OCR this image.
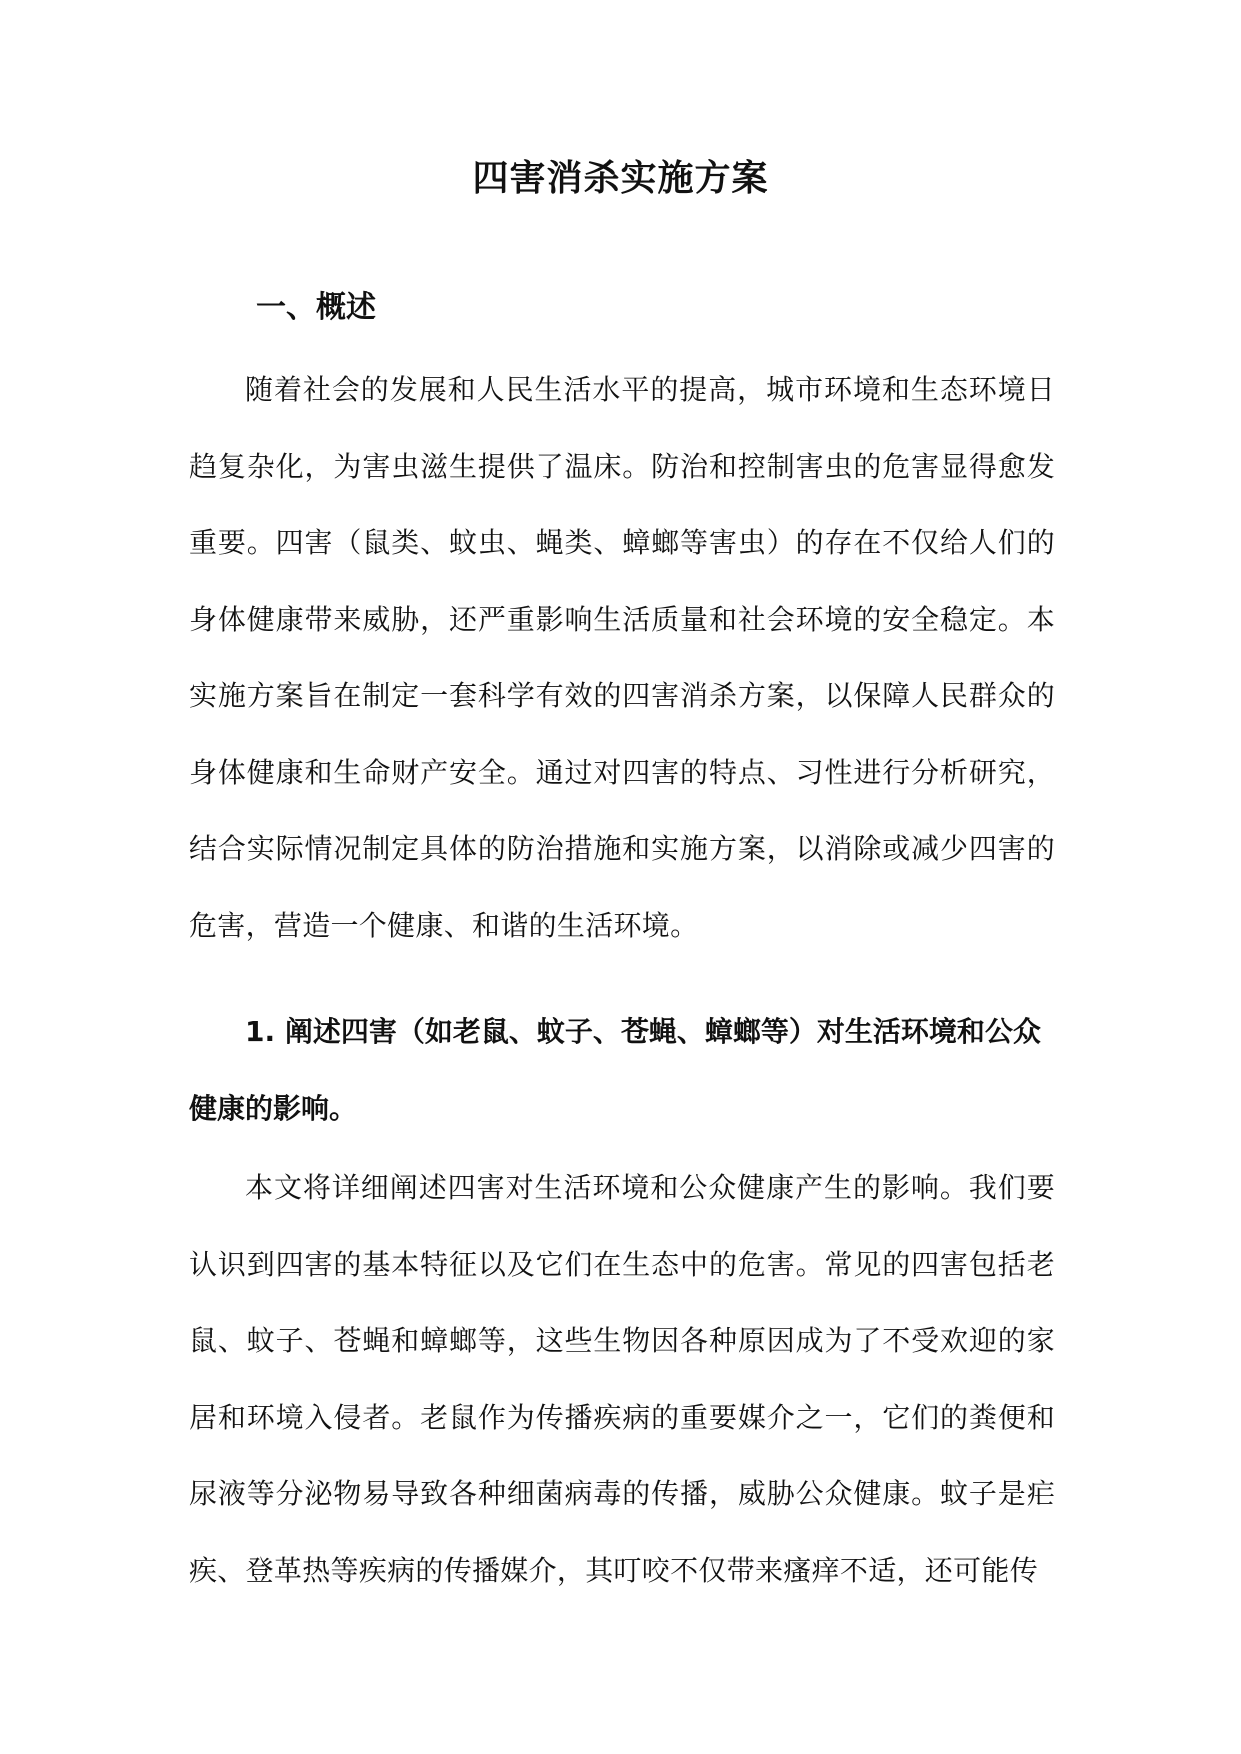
四害消杀实施方案
一、概述

随着社会的发展和人民生活水平的提高，城市环境和生态环境日趋复杂化，为害虫滋生提供了温床。防治和控制害虫的危害显得愈发重要。四害（鼠类、蚊虫、蝇类、蟑螂等害虫）的存在不仅给人们的身体健康带来威胁，还严重影响生活质量和社会环境的安全稳定。本实施方案旨在制定一套科学有效的四害消杀方案，以保障人民群众的身体健康和生命财产安全。通过对四害的特点、习性进行分析研究，结合实际情况制定具体的防治措施和实施方案，以消除或减少四害的危害，营造一个健康、和谐的生活环境。

1. 阐述四害（如老鼠、蚊子、苍蝇、蟑螂等）对生活环境和公众健康的影响。

本文将详细阐述四害对生活环境和公众健康产生的影响。我们要认识到四害的基本特征以及它们在生态中的危害。常见的四害包括老鼠、蚊子、苍蝇和蟑螂等，这些生物因各种原因成为了不受欢迎的家居和环境入侵者。老鼠作为传播疾病的重要媒介之一，它们的粪便和尿液等分泌物易导致各种细菌病毒的传播，威胁公众健康。蚊子是疟疾、登革热等疾病的传播媒介，其叮咬不仅带来瘙痒不适，还可能传
